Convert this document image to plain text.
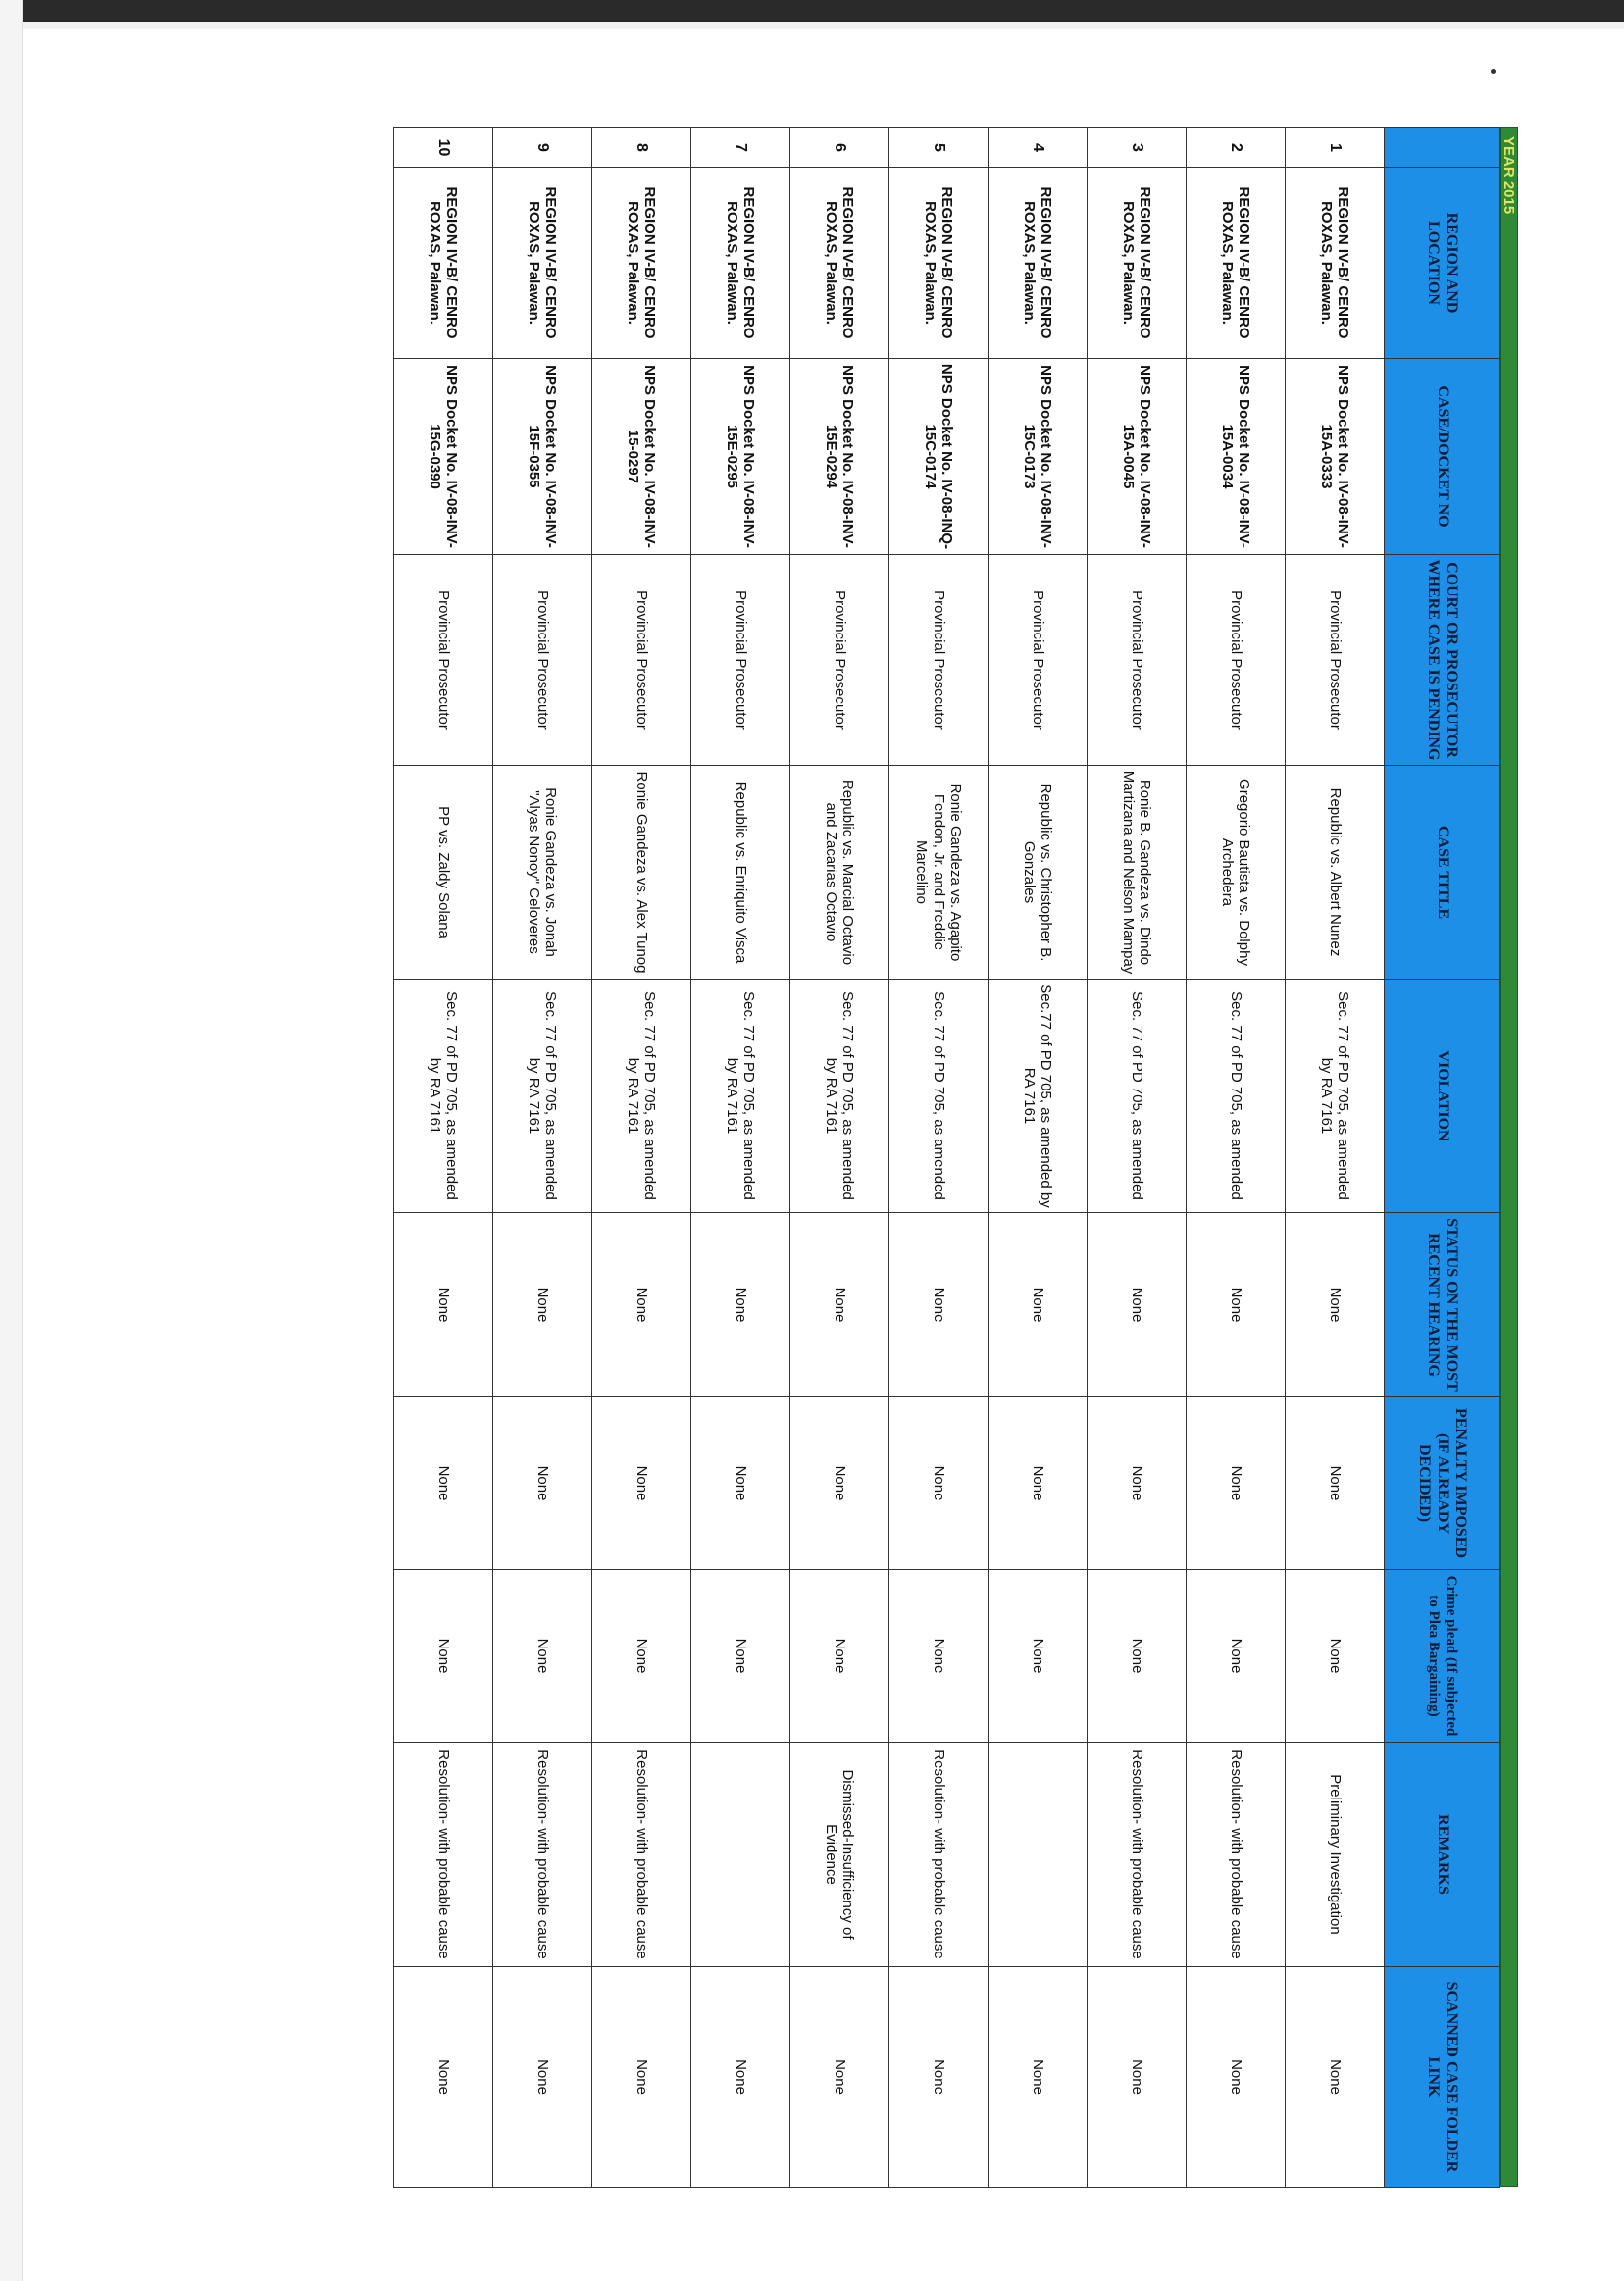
YEAR 2015
	REGION AND LOCATION	CASE/DOCKET NO	COURT OR PROSECUTOR WHERE CASE IS PENDING	CASE TITLE	VIOLATION	STATUS ON THE MOST RECENT HEARING	PENALTY IMPOSED (IF ALREADY DECIDED)	Crime plead (If subjected to Plea Bargaining)	REMARKS	SCANNED CASE FOLDER LINK
1	REGION IV-B/ CENRO ROXAS, Palawan.	NPS Docket No. IV-08-INV-15A-0333	Provincial Prosecutor	Republic vs. Albert Nunez	Sec. 77 of PD 705, as amended by RA 7161	None	None	None	Preliminary Investigation	None
2	REGION IV-B/ CENRO ROXAS, Palawan.	NPS Docket No. IV-08-INV-15A-0034	Provincial Prosecutor	Gregorio Bautista vs. Dolphy Archedera	Sec. 77 of PD 705, as amended	None	None	None	Resolution- with probable cause	None
3	REGION IV-B/ CENRO ROXAS, Palawan.	NPS Docket No. IV-08-INV-15A-0045	Provincial Prosecutor	Ronie B. Gandeza vs. Dindo Martizana and Nelson Mampay	Sec. 77 of PD 705, as amended	None	None	None	Resolution- with probable cause	None
4	REGION IV-B/ CENRO ROXAS, Palawan.	NPS Docket No. IV-08-INV-15C-0173	Provincial Prosecutor	Republic vs. Christopher B. Gonzales	Sec.77 of PD 705, as amended by RA 7161	None	None	None		None
5	REGION IV-B/ CENRO ROXAS, Palawan.	NPS Docket No. IV-08-INQ-15C-0174	Provincial Prosecutor	Ronie Gandeza vs. Agapito Fendon, Jr. and Freddie Marcelino	Sec. 77 of PD 705, as amended	None	None	None	Resolution- with probable cause	None
6	REGION IV-B/ CENRO ROXAS, Palawan.	NPS Docket No. IV-08-INV-15E-0294	Provincial Prosecutor	Republic vs. Marcial Octavio and Zacarias Octavio	Sec. 77 of PD 705, as amended by RA 7161	None	None	None	Dismissed-Insufficiency of Evidence	None
7	REGION IV-B/ CENRO ROXAS, Palawan.	NPS Docket No. IV-08-INV-15E-0295	Provincial Prosecutor	Republic vs. Enriquito Visca	Sec. 77 of PD 705, as amended by RA 7161	None	None	None		None
8	REGION IV-B/ CENRO ROXAS, Palawan.	NPS Docket No. IV-08-INV-15-0297	Provincial Prosecutor	Ronie Gandeza vs. Alex Tunog	Sec. 77 of PD 705, as amended by RA 7161	None	None	None	Resolution- with probable cause	None
9	REGION IV-B/ CENRO ROXAS, Palawan.	NPS Docket No. IV-08-INV-15F-0355	Provincial Prosecutor	Ronie Gandeza vs. Jonah "Alyas Nonoy" Celoveres	Sec. 77 of PD 705, as amended by RA 7161	None	None	None	Resolution- with probable cause	None
10	REGION IV-B/ CENRO ROXAS, Palawan.	NPS Docket No. IV-08-INV-15G-0390	Provincial Prosecutor	PP vs. Zaldy Solana	Sec. 77 of PD 705, as amended by RA 7161	None	None	None	Resolution- with probable cause	None
